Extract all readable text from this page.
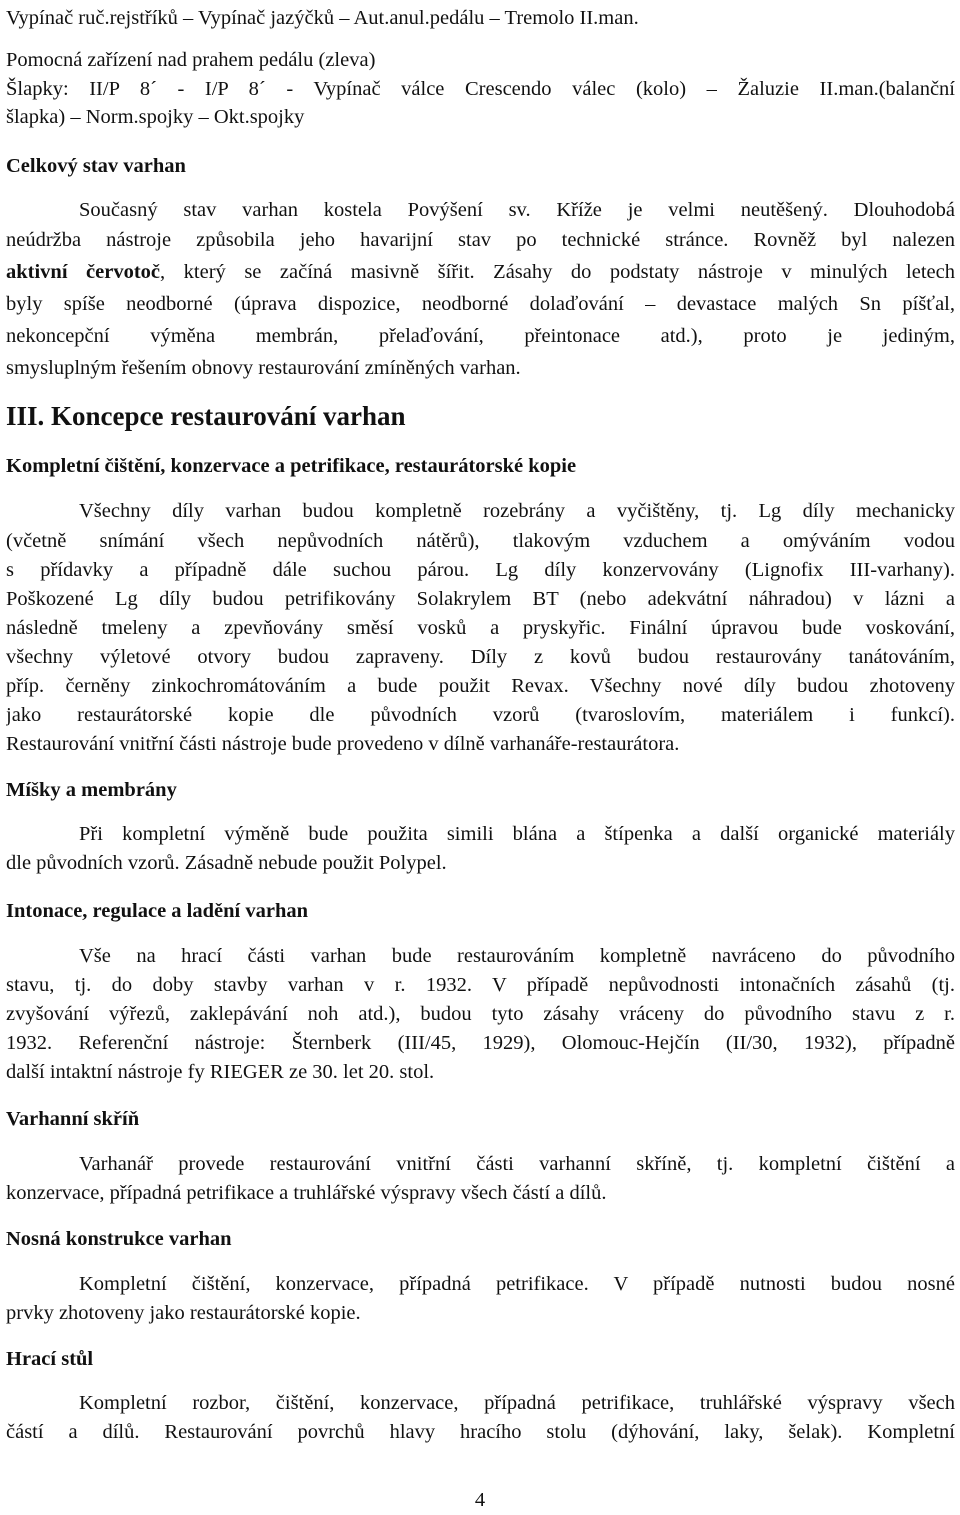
Vypínač ruč.rejstříků – Vypínač jazýčků – Aut.anul.pedálu – Tremolo II.man.
Pomocná zařízení nad prahem pedálu (zleva)
Šlapky: II/P 8´ - I/P 8´ - Vypínač válce Crescendo válec (kolo) – Žaluzie II.man.(balanční
šlapka) – Norm.spojky – Okt.spojky
Celkový stav varhan
Současný stav varhan kostela Povýšení sv. Kříže je velmi neutěšený. Dlouhodobá
neúdržba nástroje způsobila jeho havarijní stav po technické stránce. Rovněž byl nalezen
aktivní červotoč, který se začíná masivně šířit. Zásahy do podstaty nástroje v minulých letech
byly spíše neodborné (úprava dispozice, neodborné dolaďování – devastace malých Sn píšťal,
nekoncepční výměna membrán, přelaďování, přeintonace atd.), proto je jediným,
smysluplným řešením obnovy restaurování zmíněných varhan.
III. Koncepce restaurování varhan
Kompletní čištění, konzervace a petrifikace, restaurátorské kopie
Všechny díly varhan budou kompletně rozebrány a vyčištěny, tj. Lg díly mechanicky
(včetně snímání všech nepůvodních nátěrů), tlakovým vzduchem a omýváním vodou
s přídavky a případně dále suchou párou. Lg díly konzervovány (Lignofix III-varhany).
Poškozené Lg díly budou petrifikovány Solakrylem BT (nebo adekvátní náhradou) v lázni a
následně tmeleny a zpevňovány směsí vosků a pryskyřic. Finální úpravou bude voskování,
všechny výletové otvory budou zapraveny. Díly z kovů budou restaurovány tanátováním,
příp. černěny zinkochromátováním a bude použit Revax. Všechny nové díly budou zhotoveny
jako restaurátorské kopie dle původních vzorů (tvaroslovím, materiálem i funkcí).
Restaurování vnitřní části nástroje bude provedeno v dílně varhanáře-restaurátora.
Míšky a membrány
Při kompletní výměně bude použita simili blána a štípenka a další organické materiály
dle původních vzorů. Zásadně nebude použit Polypel.
Intonace, regulace a ladění varhan
Vše na hrací části varhan bude restaurováním kompletně navráceno do původního
stavu, tj. do doby stavby varhan v r. 1932. V případě nepůvodnosti intonačních zásahů (tj.
zvyšování výřezů, zaklepávání noh atd.), budou tyto zásahy vráceny do původního stavu z r.
1932. Referenční nástroje: Šternberk (III/45, 1929), Olomouc-Hejčín (II/30, 1932), případně
další intaktní nástroje fy RIEGER ze 30. let 20. stol.
Varhanní skříň
Varhanář provede restaurování vnitřní části varhanní skříně, tj. kompletní čištění a
konzervace, případná petrifikace a truhlářské výspravy všech částí a dílů.
Nosná konstrukce varhan
Kompletní čištění, konzervace, případná petrifikace. V případě nutnosti budou nosné
prvky zhotoveny jako restaurátorské kopie.
Hrací stůl
Kompletní rozbor, čištění, konzervace, případná petrifikace, truhlářské výspravy všech
částí a dílů. Restaurování povrchů hlavy hracího stolu (dýhování, laky, šelak). Kompletní
4
